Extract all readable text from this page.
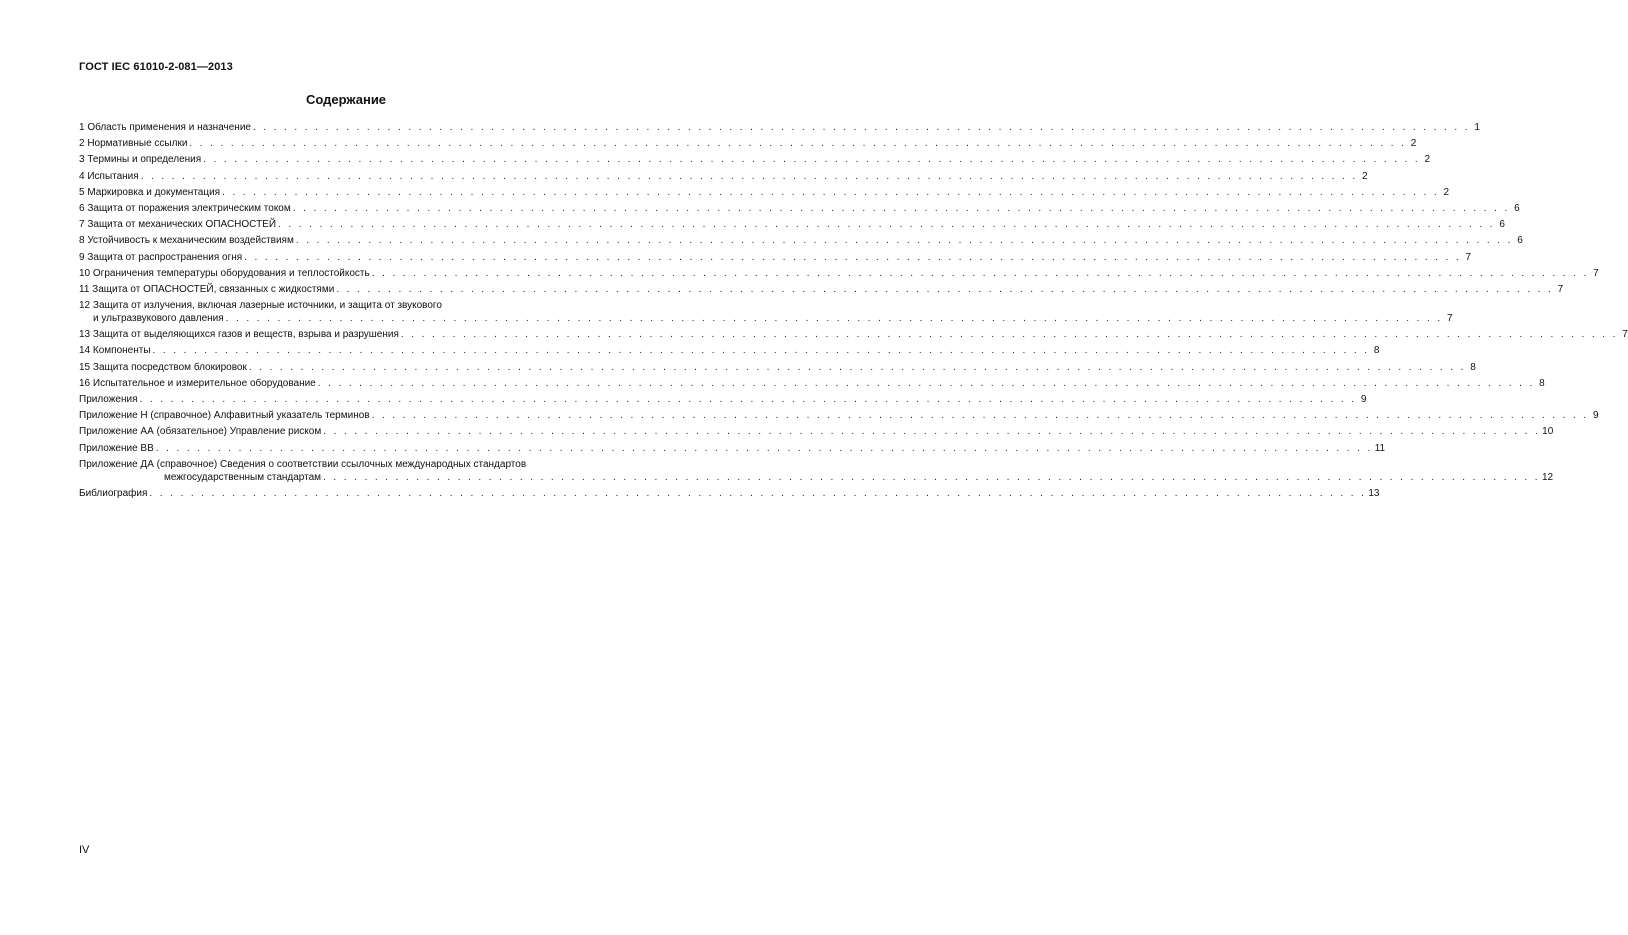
ГОСТ IEC 61010-2-081—2013
Содержание
1 Область применения и назначение . . .	1
2 Нормативные ссылки . . .	2
3 Термины и определения . . .	2
4 Испытания . . .	2
5 Маркировка и документация . . .	2
6 Защита от поражения электрическим током . . .	6
7 Защита от механических ОПАСНОСТЕЙ . . .	6
8 Устойчивость к механическим воздействиям . . .	6
9 Защита от распространения огня . . .	7
10 Ограничения температуры оборудования и теплостойкость . . .	7
11 Защита от ОПАСНОСТЕЙ, связанных с жидкостями . . .	7
12 Защита от излучения, включая лазерные источники, и защита от звукового
и ультразвукового давления . . .	7
13 Защита от выделяющихся газов и веществ, взрыва и разрушения . . .	7
14 Компоненты . . .	8
15 Защита посредством блокировок . . .	8
16 Испытательное и измерительное оборудование . . .	8
Приложения . . .	9
Приложение Н (справочное) Алфавитный указатель терминов . . .	9
Приложение АА (обязательное) Управление риском . . .	10
Приложение ВВ . . .	11
Приложение ДА (справочное) Сведения о соответствии ссылочных международных стандартов
межгосударственным стандартам . . .	12
Библиография . . .	13
IV
